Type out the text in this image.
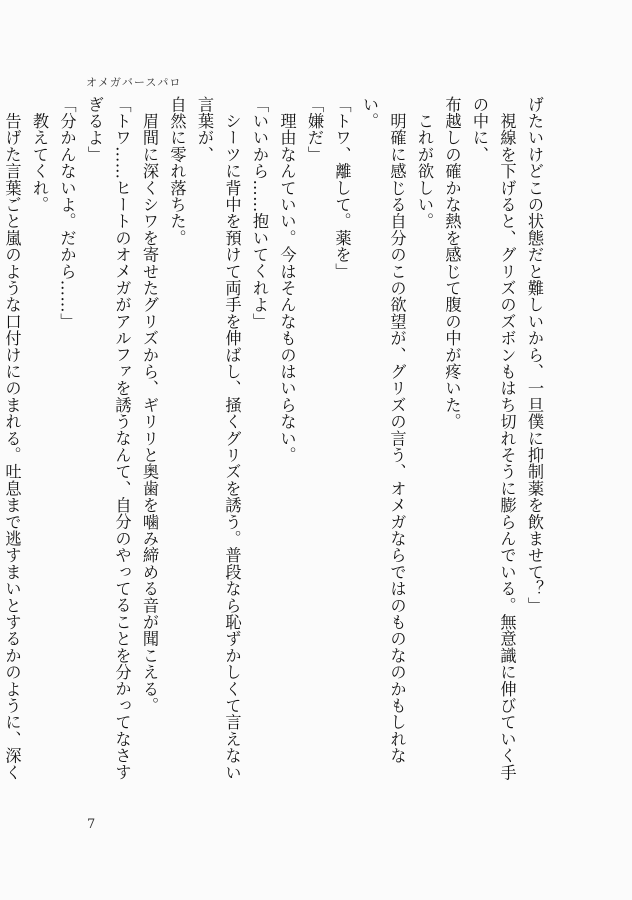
オメガバースパロ

げたいけどこの状態だと難しいから、一旦僕に抑制薬を飲ませて？」

　視線を下げると、グリズのズボンもはち切れそうに膨らんでいる。無意識に伸びていく手の中に、

布越しの確かな熱を感じて腹の中が疼いた。

　これが欲しい。

　明確に感じる自分のこの欲望が、グリズの言う、オメガならではのものなのかもしれない。

「トワ、離して。薬を」

「嫌だ」

　理由なんていい。今はそんなものはいらない。

「いいから……抱いてくれよ」

　シーツに背中を預けて両手を伸ばし、掻くグリズを誘う。普段なら恥ずかしくて言えない言葉が、

自然に零れ落ちた。

　眉間に深くシワを寄せたグリズから、ギリリと奥歯を噛み締める音が聞こえる。

「トワ……ヒートのオメガがアルファを誘うなんて、自分のやってることを分かってなさすぎるよ」

「分かんないよ。だから……」

　教えてくれ。

　告げた言葉ごと嵐のような口付けにのまれる。吐息まで逃すまいとするかのように、深く

7
